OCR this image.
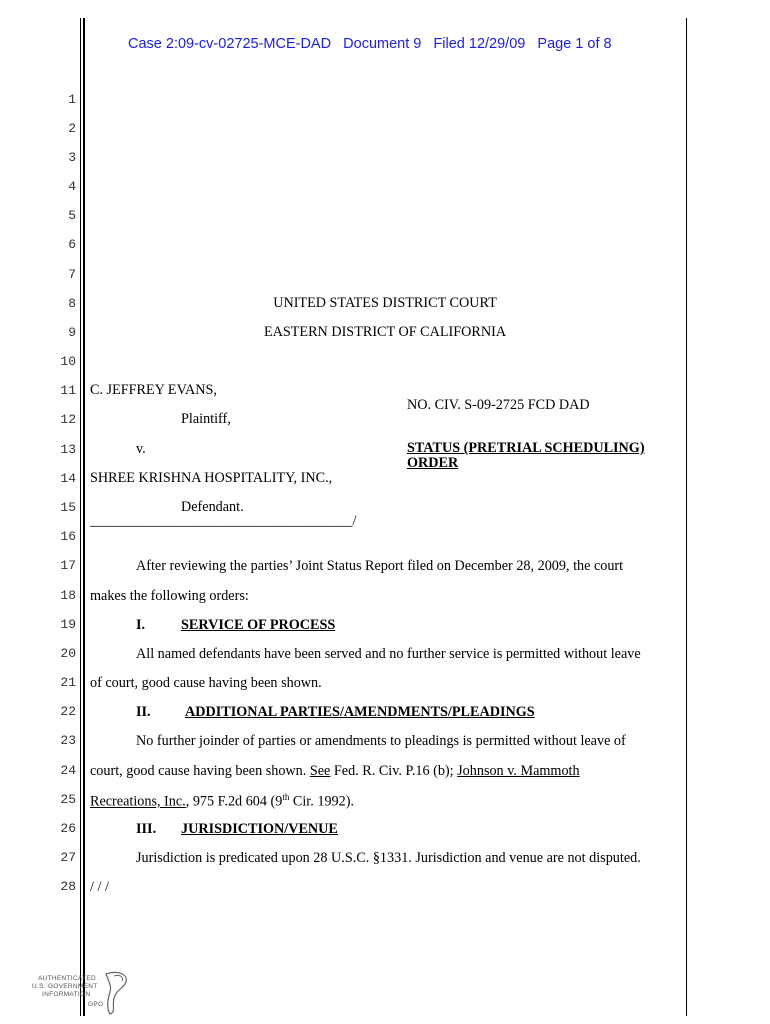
Case 2:09-cv-02725-MCE-DAD   Document 9   Filed 12/29/09   Page 1 of 8
1
2
3
4
5
6
7
8
9
10
11
12
13
14
15
16
17
18
19
20
21
22
23
24
25
26
27
28
UNITED STATES DISTRICT COURT
EASTERN DISTRICT OF CALIFORNIA
C. JEFFREY EVANS,
Plaintiff,
v.
SHREE KRISHNA HOSPITALITY, INC.,
Defendant.
_____________________________________/
NO. CIV. S-09-2725 FCD DAD
STATUS (PRETRIAL SCHEDULING)
ORDER
After reviewing the parties’ Joint Status Report filed on December 28, 2009, the court
makes the following orders:
I.	SERVICE OF PROCESS
All named defendants have been served and no further service is permitted without leave
of court, good cause having been shown.
II. ADDITIONAL PARTIES/AMENDMENTS/PLEADINGS
No further joinder of parties or amendments to pleadings is permitted without leave of
court, good cause having been shown. See Fed. R. Civ. P.16 (b); Johnson v. Mammoth
Recreations, Inc., 975 F.2d 604 (9th Cir. 1992).
III. JURISDICTION/VENUE
Jurisdiction is predicated upon 28 U.S.C. §1331. Jurisdiction and venue are not disputed.
/ / /
AUTHENTICATED
U.S. GOVERNMENT
INFORMATION
GPO
